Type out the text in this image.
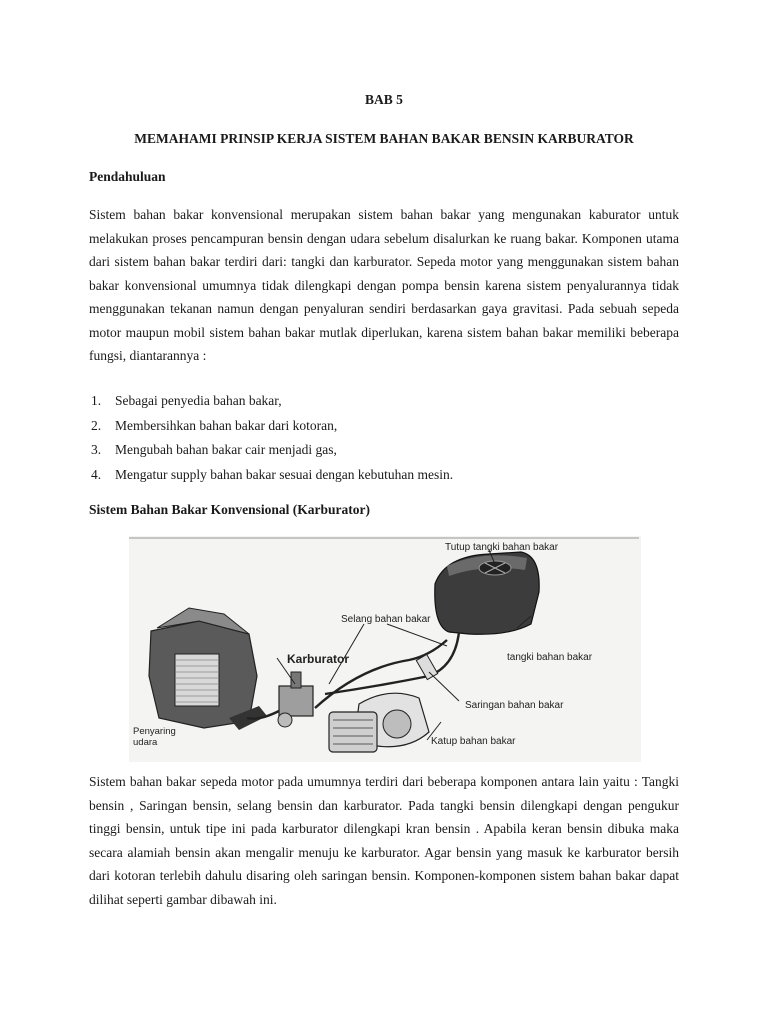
BAB 5
MEMAHAMI PRINSIP KERJA SISTEM BAHAN BAKAR BENSIN KARBURATOR
Pendahuluan

Sistem bahan bakar konvensional merupakan sistem bahan bakar yang mengunakan kaburator untuk melakukan proses pencampuran bensin dengan udara sebelum disalurkan ke ruang bakar. Komponen utama dari sistem bahan bakar terdiri dari: tangki dan karburator. Sepeda motor yang menggunakan sistem bahan bakar konvensional umumnya tidak dilengkapi dengan pompa bensin karena sistem penyalurannya tidak menggunakan tekanan namun dengan penyaluran sendiri berdasarkan gaya gravitasi. Pada sebuah sepeda motor maupun mobil sistem bahan bakar mutlak diperlukan, karena sistem bahan bakar memiliki beberapa fungsi, diantarannya :

1.	Sebagai penyedia bahan bakar,
2.	Membersihkan bahan bakar dari kotoran,
3.	Mengubah bahan bakar cair menjadi gas,
4.	Mengatur supply bahan bakar sesuai dengan kebutuhan mesin.
Sistem Bahan Bakar Konvensional (Karburator)
Tutup tangki bahan bakar
Selang bahan bakar
Karburator	tangki bahan bakar
Saringan bahan bakar
Penyaring
udara	Katup bahan bakar

Sistem bahan bakar sepeda motor pada umumnya terdiri dari beberapa komponen antara lain yaitu : Tangki bensin , Saringan bensin, selang bensin dan karburator. Pada tangki bensin dilengkapi dengan pengukur tinggi bensin, untuk tipe ini pada karburator dilengkapi kran bensin . Apabila keran bensin dibuka maka secara alamiah bensin akan mengalir menuju ke karburator. Agar bensin yang masuk ke karburator bersih dari kotoran terlebih dahulu disaring oleh saringan bensin. Komponen-komponen sistem bahan bakar dapat dilihat seperti gambar dibawah ini.
